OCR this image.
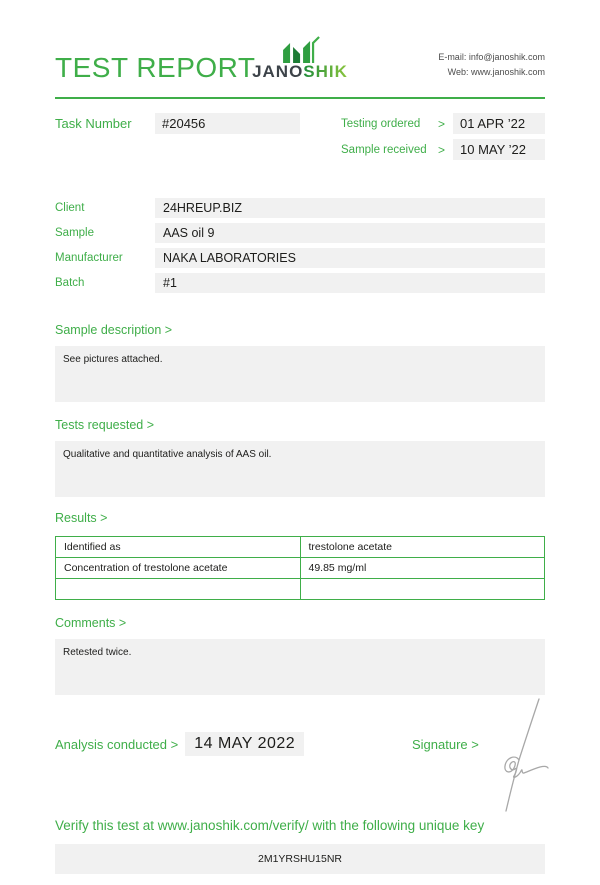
TEST REPORT
JANOSHIK
E-mail: info@janoshik.com
Web: www.janoshik.com
Task Number	#20456	Testing ordered	>	01 APR ’22
Sample received >	10 MAY ’22
Client	24HREUP.BIZ
Sample	AAS oil 9
Manufacturer	NAKA LABORATORIES
Batch	#1
Sample description >
See pictures attached.
Tests requested >
Qualitative and quantitative analysis of AAS oil.
Results >
Identified as	trestolone acetate
Concentration of trestolone acetate	49.85 mg/ml

Comments >
Retested twice.
Analysis conducted >	14 MAY 2022	Signature >
Verify this test at www.janoshik.com/verify/ with the following unique key
2M1YRSHU15NR
